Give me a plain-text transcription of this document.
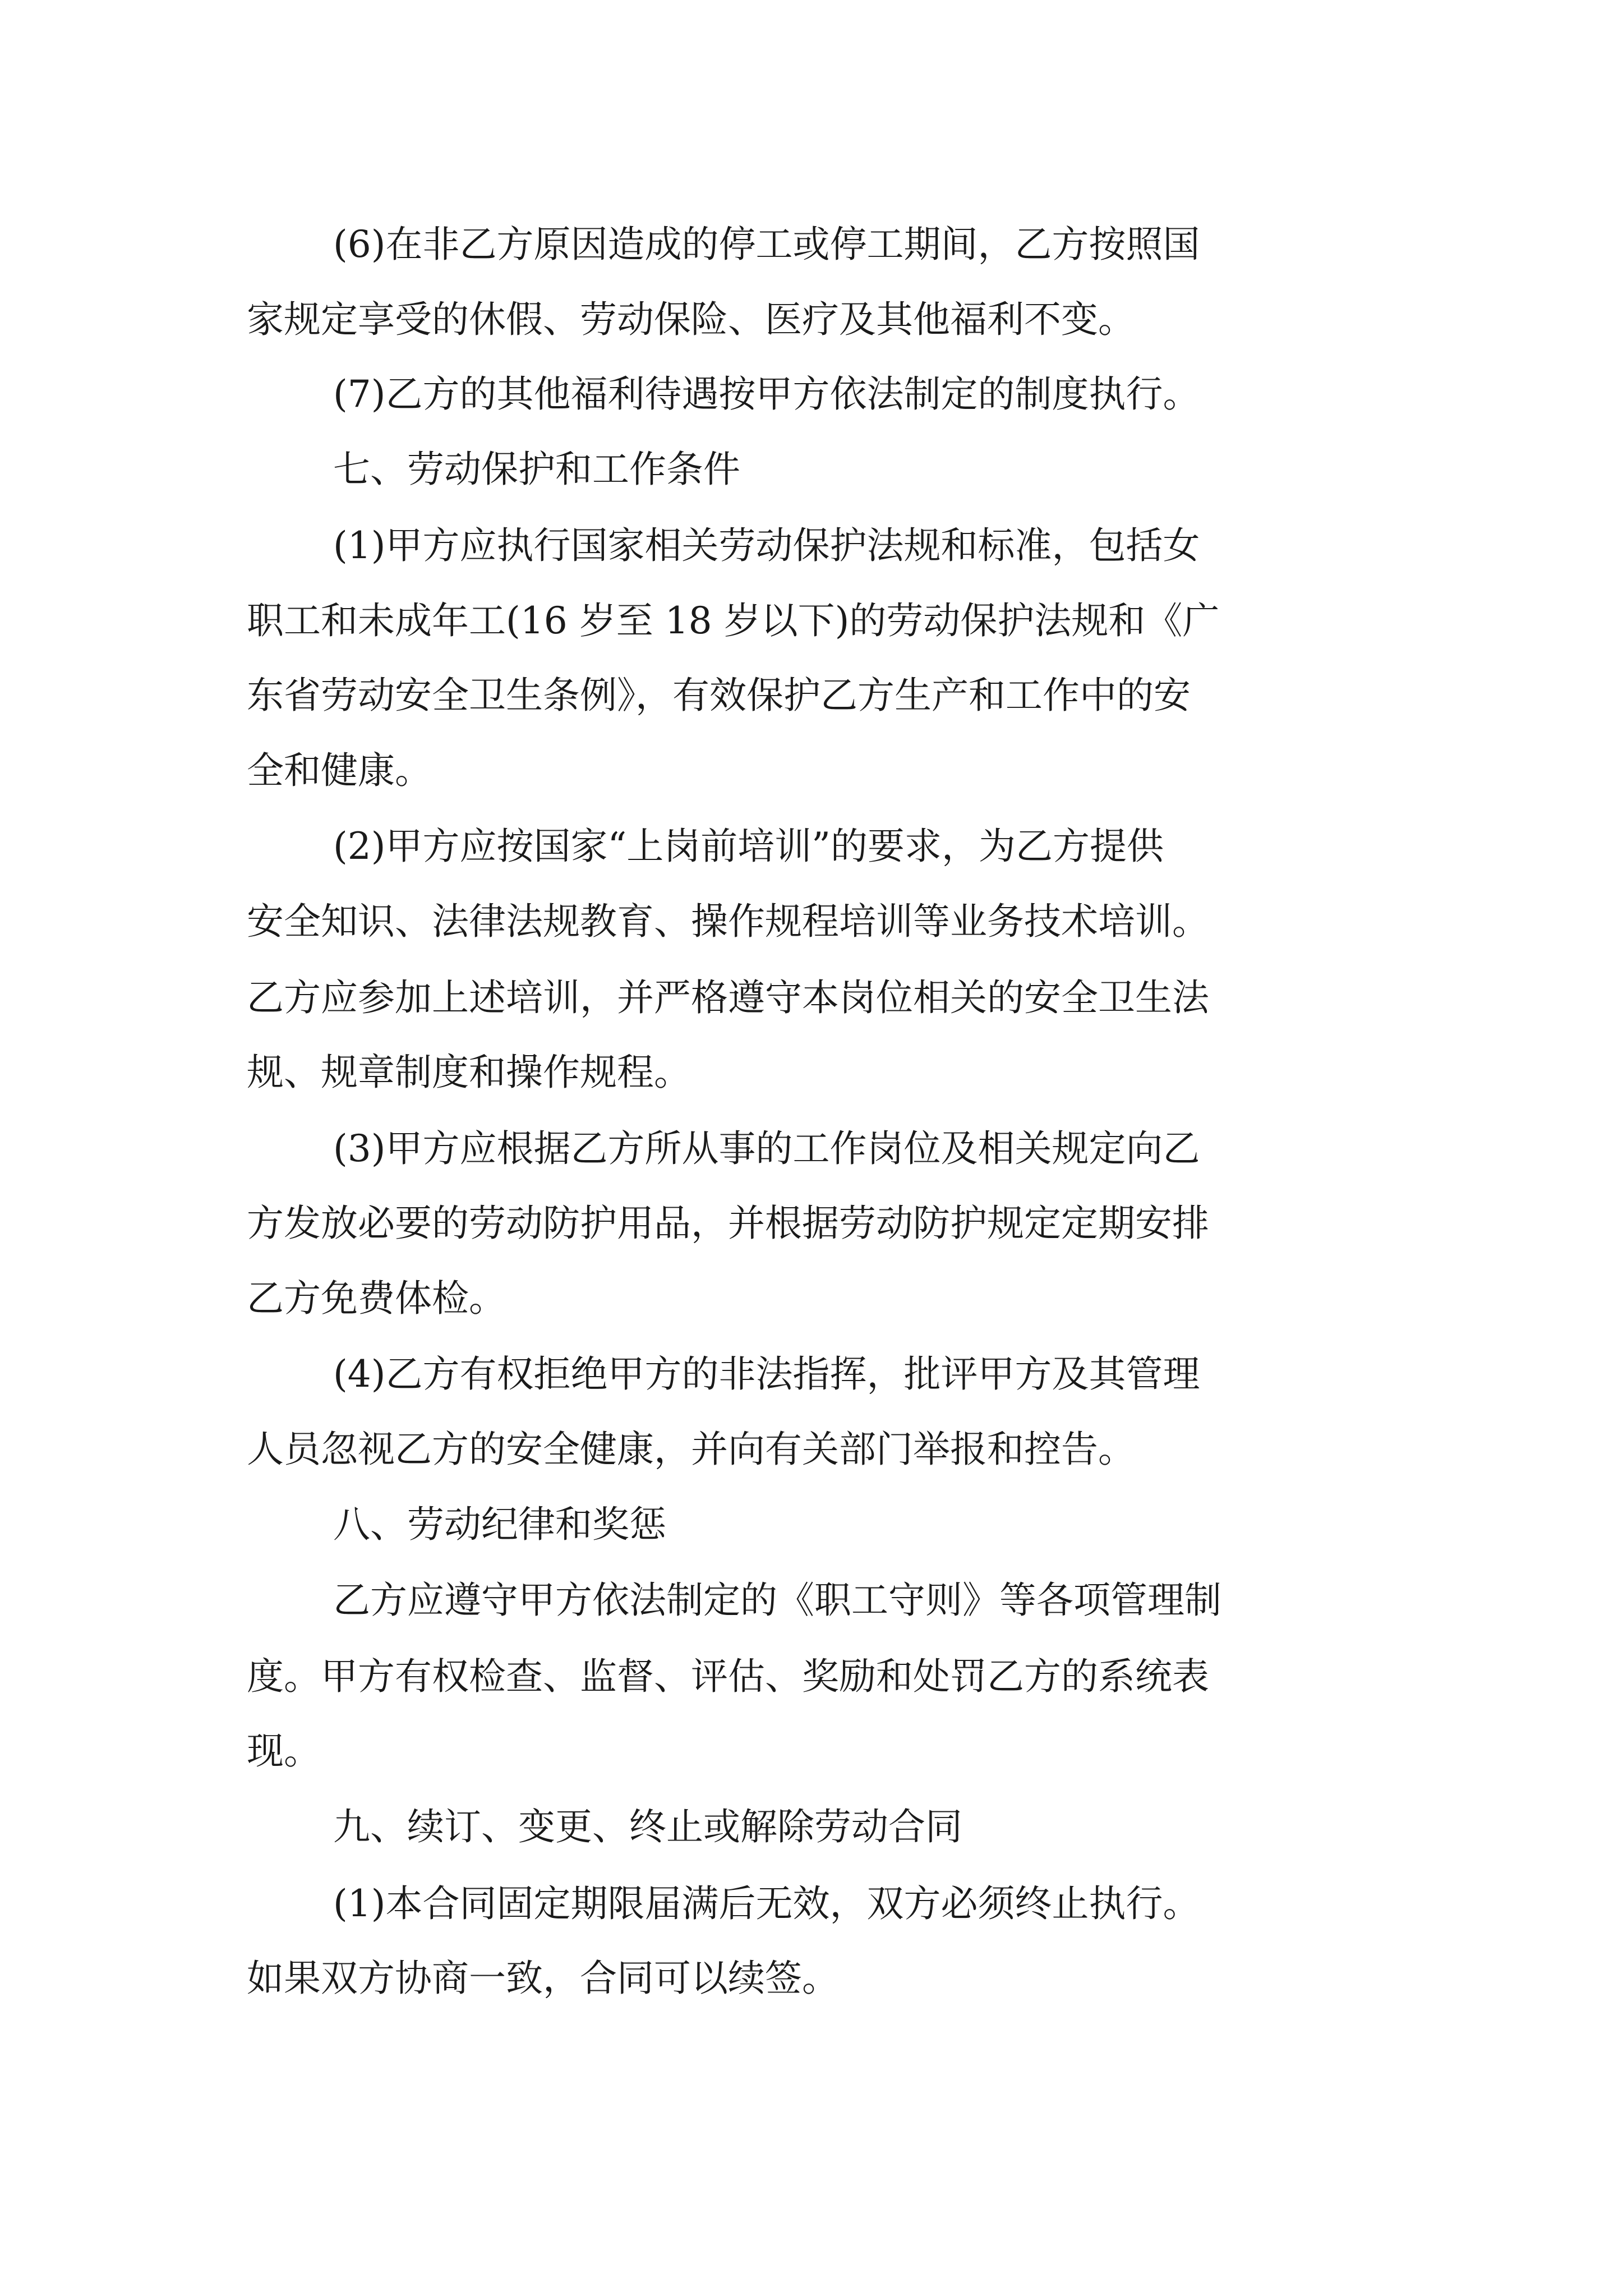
(6)在非乙方原因造成的停工或停工期间，乙方按照国
家规定享受的休假、劳动保险、医疗及其他福利不变。
(7)乙方的其他福利待遇按甲方依法制定的制度执行。
七、劳动保护和工作条件
(1)甲方应执行国家相关劳动保护法规和标准，包括女
职工和未成年工(16 岁至 18 岁以下)的劳动保护法规和《广
东省劳动安全卫生条例》，有效保护乙方生产和工作中的安
全和健康。
(2)甲方应按国家“上岗前培训”的要求，为乙方提供
安全知识、法律法规教育、操作规程培训等业务技术培训。
乙方应参加上述培训，并严格遵守本岗位相关的安全卫生法
规、规章制度和操作规程。
(3)甲方应根据乙方所从事的工作岗位及相关规定向乙
方发放必要的劳动防护用品，并根据劳动防护规定定期安排
乙方免费体检。
(4)乙方有权拒绝甲方的非法指挥，批评甲方及其管理
人员忽视乙方的安全健康，并向有关部门举报和控告。
八、劳动纪律和奖惩
乙方应遵守甲方依法制定的《职工守则》等各项管理制
度。甲方有权检查、监督、评估、奖励和处罚乙方的系统表
现。
九、续订、变更、终止或解除劳动合同
(1)本合同固定期限届满后无效，双方必须终止执行。
如果双方协商一致，合同可以续签。
